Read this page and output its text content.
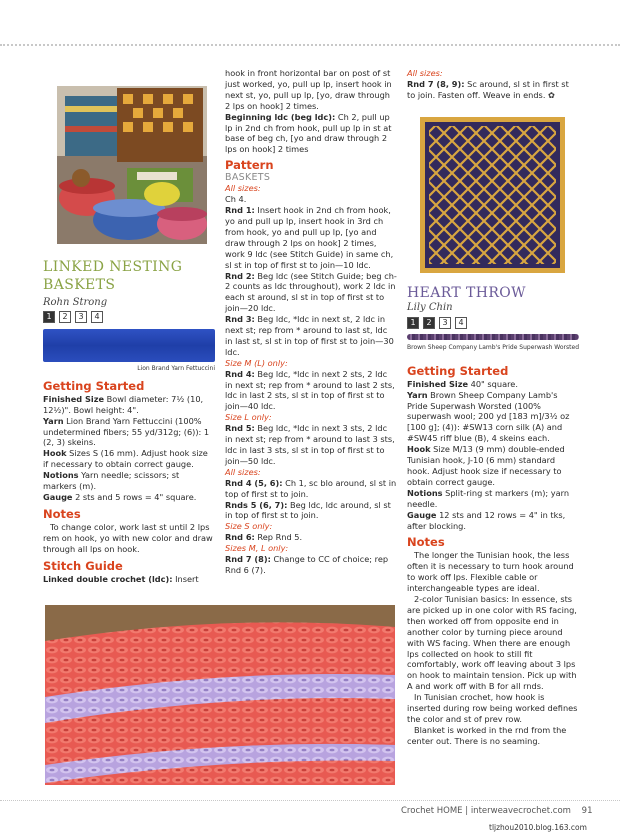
LINKED NESTING
BASKETS
Rohn Strong
1	2	3	4
Lion Brand Yarn Fettuccini
Getting Started

Finished Size Bowl diameter: 7½ (10, 12½)". Bowl height: 4".

Yarn Lion Brand Yarn Fettuccini (100% undetermined fibers; 55 yd/312g; (6)): 1 (2, 3) skeins.

Hook Sizes S (16 mm). Adjust hook size if necessary to obtain correct gauge.

Notions Yarn needle; scissors; st markers (m).

Gauge 2 sts and 5 rows = 4" square.

Notes

To change color, work last st until 2 lps rem on hook, yo with new color and draw through all lps on hook.

Stitch Guide

Linked double crochet (ldc): Insert

hook in front horizontal bar on post of st just worked, yo, pull up lp, insert hook in next st, yo, pull up lp, [yo, draw through 2 lps on hook] 2 times.

Beginning ldc (beg ldc): Ch 2, pull up lp in 2nd ch from hook, pull up lp in st at base of beg ch, [yo and draw through 2 lps on hook] 2 times

Pattern
BASKETS

All sizes:

Ch 4.

Rnd 1: Insert hook in 2nd ch from hook, yo and pull up lp, insert hook in 3rd ch from hook, yo and pull up lp, [yo and draw through 2 lps on hook] 2 times, work 9 ldc (see Stitch Guide) in same ch, sl st in top of first st to join—10 ldc.

Rnd 2: Beg ldc (see Stitch Guide; beg ch-2 counts as ldc throughout), work 2 ldc in each st around, sl st in top of first st to join—20 ldc.

Rnd 3: Beg ldc, *ldc in next st, 2 ldc in next st; rep from * around to last st, ldc in last st, sl st in top of first st to join—30 ldc.

Size M (L) only:

Rnd 4: Beg ldc, *ldc in next 2 sts, 2 ldc in next st; rep from * around to last 2 sts, ldc in last 2 sts, sl st in top of first st to join—40 ldc.

Size L only:

Rnd 5: Beg ldc, *ldc in next 3 sts, 2 ldc in next st; rep from * around to last 3 sts, ldc in last 3 sts, sl st in top of first st to join—50 ldc.

All sizes:

Rnd 4 (5, 6): Ch 1, sc blo around, sl st in top of first st to join.

Rnds 5 (6, 7): Beg ldc, ldc around, sl st in top of first st to join.

Size S only:

Rnd 6: Rep Rnd 5.

Sizes M, L only:

Rnd 7 (8): Change to CC of choice; rep Rnd 6 (7).

All sizes:

Rnd 7 (8, 9): Sc around, sl st in first st to join. Fasten off. Weave in ends. ✿

HEART THROW
Lily Chin
1	2	3	4
Brown Sheep Company Lamb's Pride Superwash Worsted
Getting Started

Finished Size 40" square.

Yarn Brown Sheep Company Lamb's Pride Superwash Worsted (100% superwash wool; 200 yd [183 m]/3½ oz [100 g]; (4)): #SW13 corn silk (A) and #SW45 riff blue (B), 4 skeins each.

Hook Size M/13 (9 mm) double-ended Tunisian hook, J-10 (6 mm) standard hook. Adjust hook size if necessary to obtain correct gauge.

Notions Split-ring st markers (m); yarn needle.

Gauge 12 sts and 12 rows = 4" in tks, after blocking.

Notes

The longer the Tunisian hook, the less often it is necessary to turn hook around to work off lps. Flexible cable or interchangeable types are ideal.

2-color Tunisian basics: In essence, sts are picked up in one color with RS facing, then worked off from opposite end in another color by turning piece around with WS facing. When there are enough lps collected on hook to still fit comfortably, work off leaving about 3 lps on hook to maintain tension. Pick up with A and work off with B for all rnds.

In Tunisian crochet, how hook is inserted during row being worked defines the color and st of prev row.

Blanket is worked in the rnd from the center out. There is no seaming.

Crochet HOME | interweavecrochet.com 91
tljzhou2010.blog.163.com
